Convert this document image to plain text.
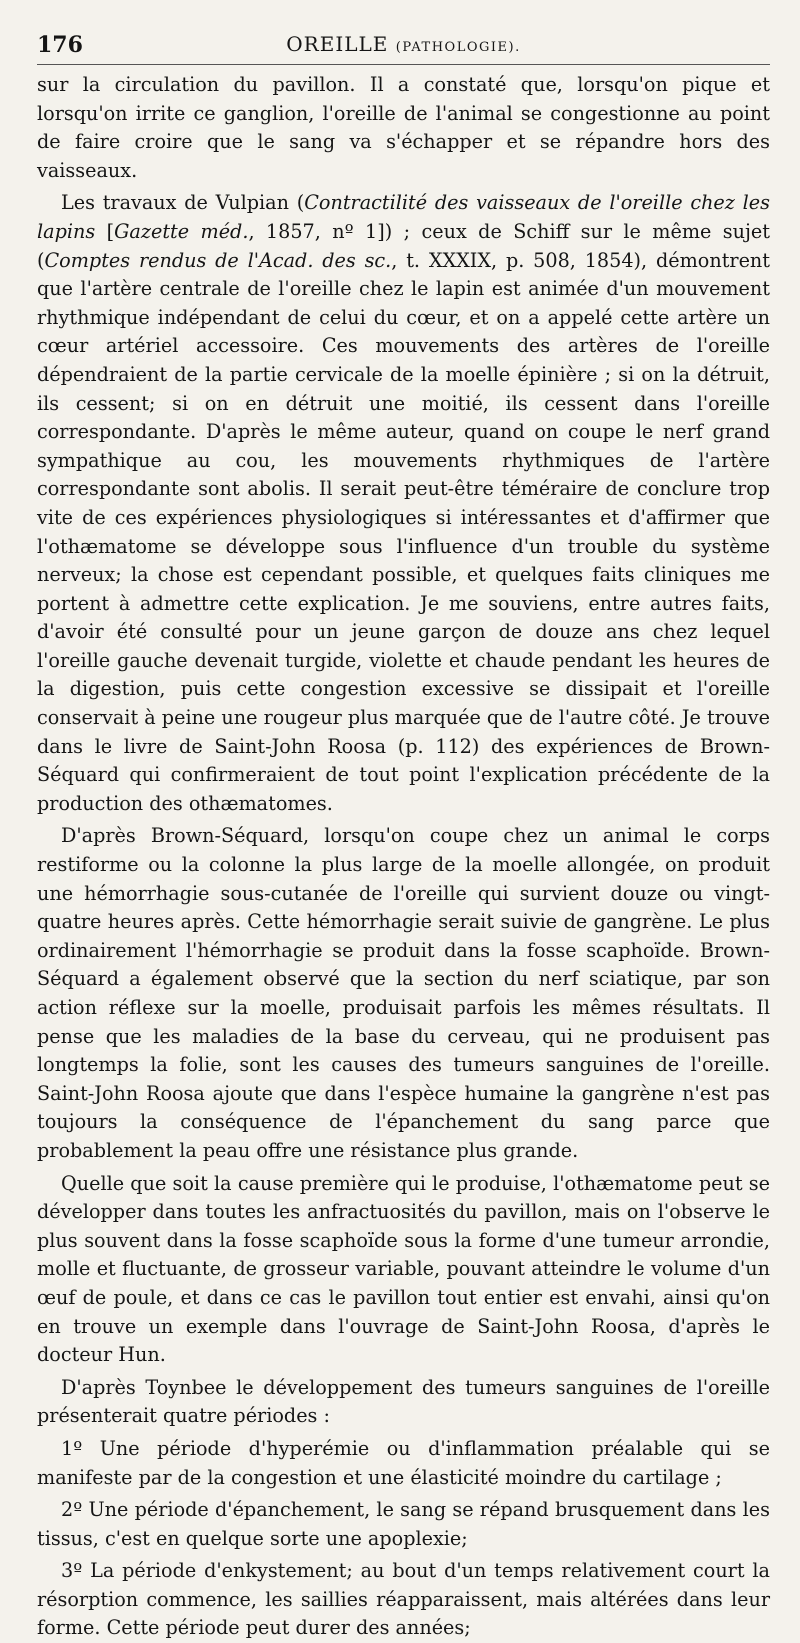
176	OREILLE (PATHOLOGIE).

sur la circulation du pavillon. Il a constaté que, lorsqu'on pique et lorsqu'on irrite ce ganglion, l'oreille de l'animal se congestionne au point de faire croire que le sang va s'échapper et se répandre hors des vaisseaux.

Les travaux de Vulpian (Contractilité des vaisseaux de l'oreille chez les lapins [Gazette méd., 1857, nº 1]) ; ceux de Schiff sur le même sujet (Comptes rendus de l'Acad. des sc., t. XXXIX, p. 508, 1854), démontrent que l'artère centrale de l'oreille chez le lapin est animée d'un mouvement rhythmique indépendant de celui du cœur, et on a appelé cette artère un cœur artériel accessoire. Ces mouvements des artères de l'oreille dépendraient de la partie cervicale de la moelle épinière ; si on la détruit, ils cessent; si on en détruit une moitié, ils cessent dans l'oreille correspondante. D'après le même auteur, quand on coupe le nerf grand sympathique au cou, les mouvements rhythmiques de l'artère correspondante sont abolis. Il serait peut-être téméraire de conclure trop vite de ces expériences physiologiques si intéressantes et d'affirmer que l'othæmatome se développe sous l'influence d'un trouble du système nerveux; la chose est cependant possible, et quelques faits cliniques me portent à admettre cette explication. Je me souviens, entre autres faits, d'avoir été consulté pour un jeune garçon de douze ans chez lequel l'oreille gauche devenait turgide, violette et chaude pendant les heures de la digestion, puis cette congestion excessive se dissipait et l'oreille conservait à peine une rougeur plus marquée que de l'autre côté. Je trouve dans le livre de Saint-John Roosa (p. 112) des expériences de Brown-Séquard qui confirmeraient de tout point l'explication précédente de la production des othæmatomes.

D'après Brown-Séquard, lorsqu'on coupe chez un animal le corps restiforme ou la colonne la plus large de la moelle allongée, on produit une hémorrhagie sous-cutanée de l'oreille qui survient douze ou vingt-quatre heures après. Cette hémorrhagie serait suivie de gangrène. Le plus ordinairement l'hémorrhagie se produit dans la fosse scaphoïde. Brown-Séquard a également observé que la section du nerf sciatique, par son action réflexe sur la moelle, produisait parfois les mêmes résultats. Il pense que les maladies de la base du cerveau, qui ne produisent pas longtemps la folie, sont les causes des tumeurs sanguines de l'oreille. Saint-John Roosa ajoute que dans l'espèce humaine la gangrène n'est pas toujours la conséquence de l'épanchement du sang parce que probablement la peau offre une résistance plus grande.

Quelle que soit la cause première qui le produise, l'othæmatome peut se développer dans toutes les anfractuosités du pavillon, mais on l'observe le plus souvent dans la fosse scaphoïde sous la forme d'une tumeur arrondie, molle et fluctuante, de grosseur variable, pouvant atteindre le volume d'un œuf de poule, et dans ce cas le pavillon tout entier est envahi, ainsi qu'on en trouve un exemple dans l'ouvrage de Saint-John Roosa, d'après le docteur Hun.

D'après Toynbee le développement des tumeurs sanguines de l'oreille présenterait quatre périodes :

1º Une période d'hyperémie ou d'inflammation préalable qui se manifeste par de la congestion et une élasticité moindre du cartilage ;

2º Une période d'épanchement, le sang se répand brusquement dans les tissus, c'est en quelque sorte une apoplexie;

3º La période d'enkystement; au bout d'un temps relativement court la résorption commence, les saillies réapparaissent, mais altérées dans leur forme. Cette période peut durer des années;
